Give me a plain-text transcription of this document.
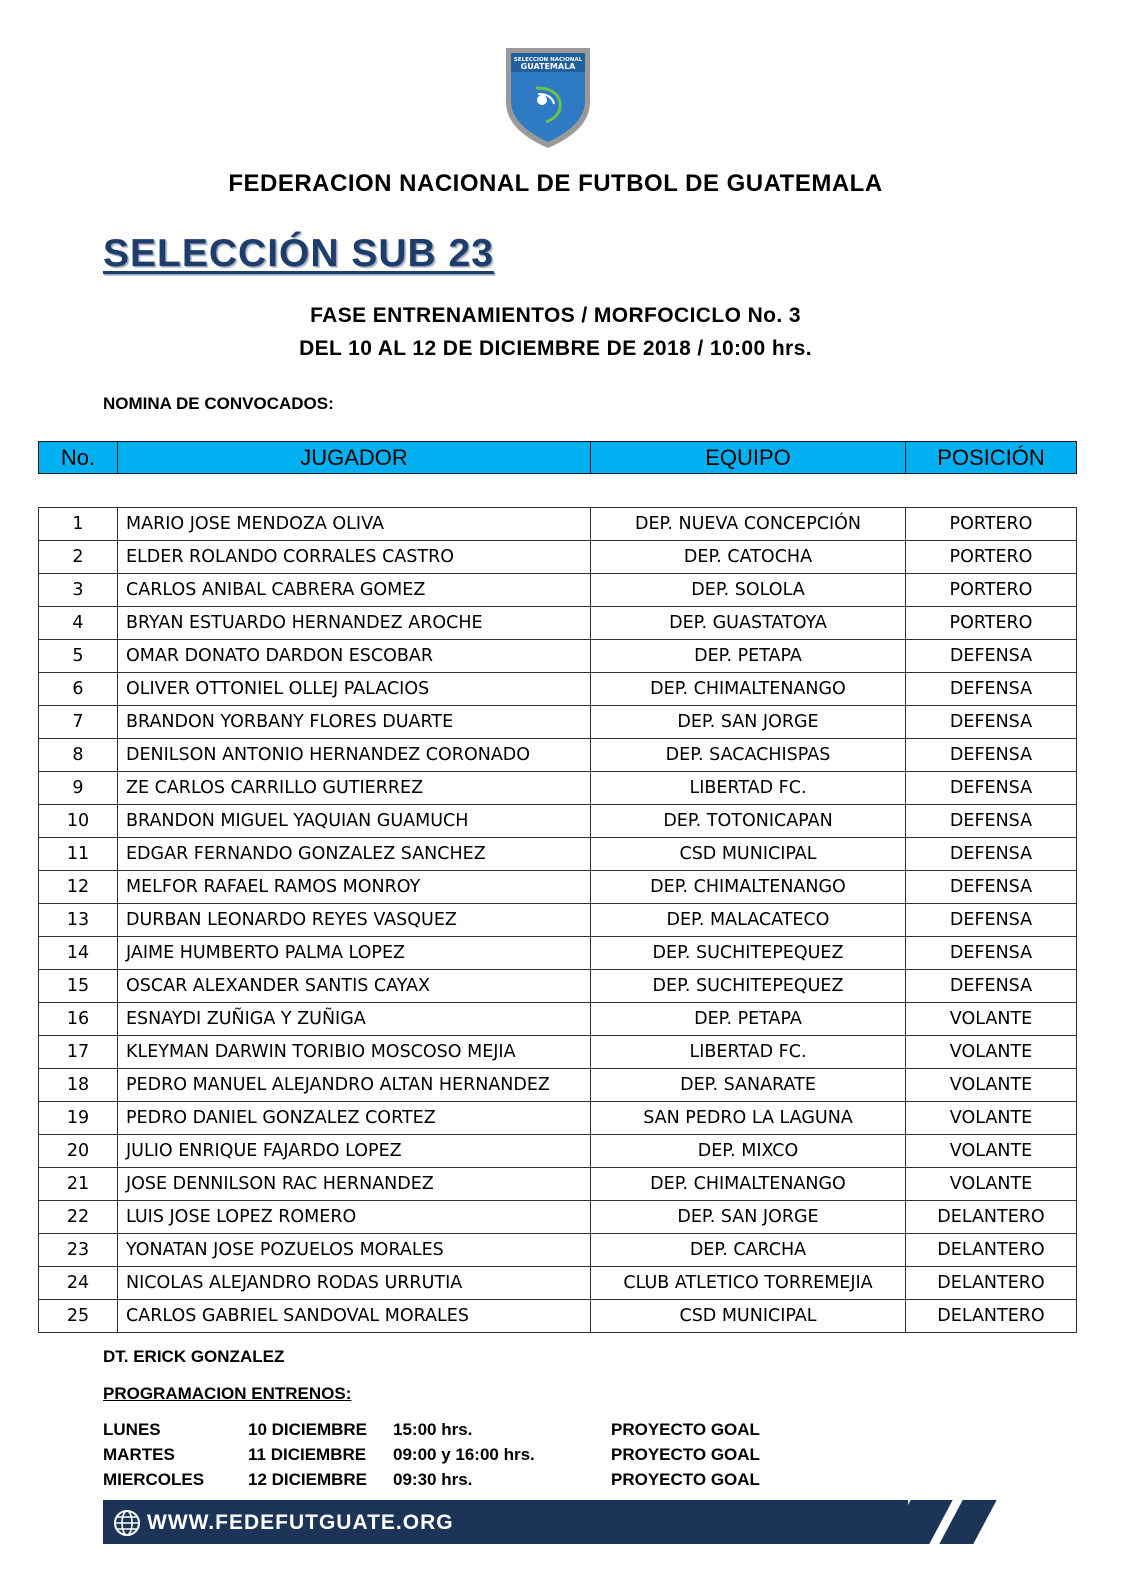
SELECCION NACIONAL
GUATEMALA
FEDERACION NACIONAL DE FUTBOL DE GUATEMALA
SELECCIÓN SUB 23
FASE ENTRENAMIENTOS / MORFOCICLO No. 3
DEL 10 AL 12 DE DICIEMBRE DE 2018 / 10:00 hrs.
NOMINA DE CONVOCADOS:
No.	JUGADOR	EQUIPO	POSICIÓN
1	MARIO JOSE MENDOZA OLIVA	DEP. NUEVA CONCEPCIÓN	PORTERO
2	ELDER ROLANDO CORRALES CASTRO	DEP. CATOCHA	PORTERO
3	CARLOS ANIBAL CABRERA GOMEZ	DEP. SOLOLA	PORTERO
4	BRYAN ESTUARDO HERNANDEZ AROCHE	DEP. GUASTATOYA	PORTERO
5	OMAR DONATO DARDON ESCOBAR	DEP. PETAPA	DEFENSA
6	OLIVER OTTONIEL OLLEJ PALACIOS	DEP. CHIMALTENANGO	DEFENSA
7	BRANDON YORBANY FLORES DUARTE	DEP. SAN JORGE	DEFENSA
8	DENILSON ANTONIO HERNANDEZ CORONADO	DEP. SACACHISPAS	DEFENSA
9	ZE CARLOS CARRILLO GUTIERREZ	LIBERTAD FC.	DEFENSA
10	BRANDON MIGUEL YAQUIAN GUAMUCH	DEP. TOTONICAPAN	DEFENSA
11	EDGAR FERNANDO GONZALEZ SANCHEZ	CSD MUNICIPAL	DEFENSA
12	MELFOR RAFAEL RAMOS MONROY	DEP. CHIMALTENANGO	DEFENSA
13	DURBAN LEONARDO REYES VASQUEZ	DEP. MALACATECO	DEFENSA
14	JAIME HUMBERTO PALMA LOPEZ	DEP. SUCHITEPEQUEZ	DEFENSA
15	OSCAR ALEXANDER SANTIS CAYAX	DEP. SUCHITEPEQUEZ	DEFENSA
16	ESNAYDI ZUÑIGA Y ZUÑIGA	DEP. PETAPA	VOLANTE
17	KLEYMAN DARWIN TORIBIO MOSCOSO MEJIA	LIBERTAD FC.	VOLANTE
18	PEDRO MANUEL ALEJANDRO ALTAN HERNANDEZ	DEP. SANARATE	VOLANTE
19	PEDRO DANIEL GONZALEZ CORTEZ	SAN PEDRO LA LAGUNA	VOLANTE
20	JULIO ENRIQUE FAJARDO LOPEZ	DEP. MIXCO	VOLANTE
21	JOSE DENNILSON RAC HERNANDEZ	DEP. CHIMALTENANGO	VOLANTE
22	LUIS JOSE LOPEZ ROMERO	DEP. SAN JORGE	DELANTERO
23	YONATAN JOSE POZUELOS MORALES	DEP. CARCHA	DELANTERO
24	NICOLAS ALEJANDRO RODAS URRUTIA	CLUB ATLETICO TORREMEJIA	DELANTERO
25	CARLOS GABRIEL SANDOVAL MORALES	CSD MUNICIPAL	DELANTERO
DT. ERICK GONZALEZ
PROGRAMACION ENTRENOS:
LUNES	10 DICIEMBRE 15:00 hrs.	PROYECTO GOAL
MARTES	11 DICIEMBRE 09:00 y 16:00 hrs.	PROYECTO GOAL
MIERCOLES	12 DICIEMBRE 09:30 hrs.	PROYECTO GOAL
WWW.FEDEFUTGUATE.ORG
